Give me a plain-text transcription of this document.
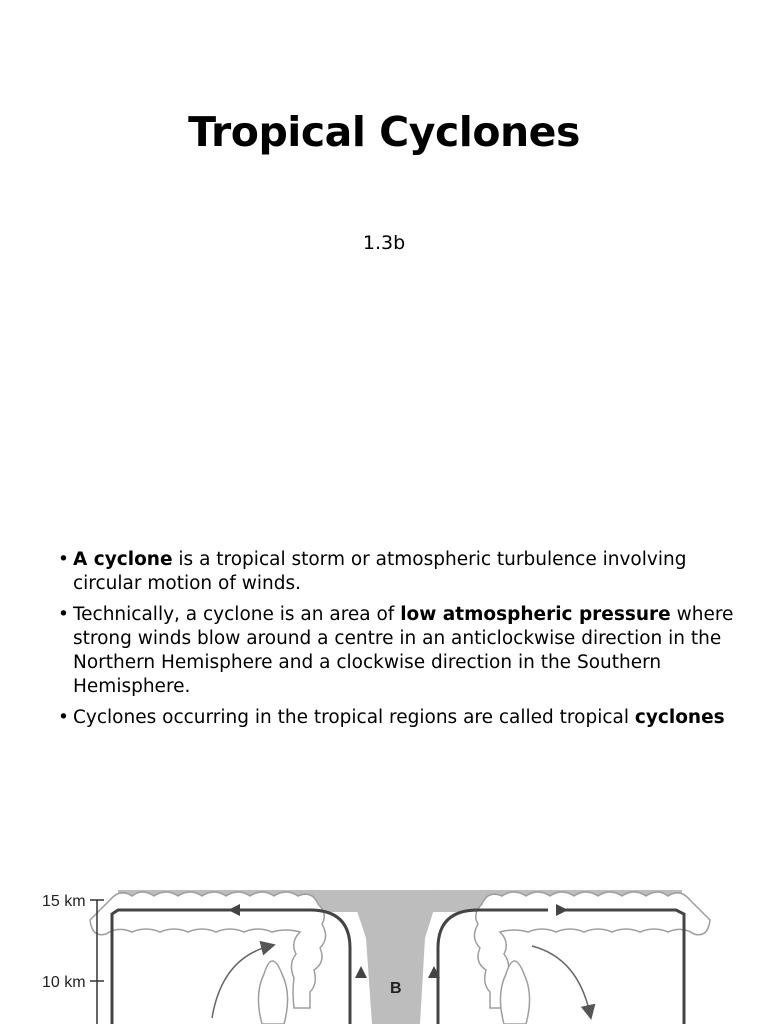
Tropical Cyclones
1.3b
• A cyclone is a tropical storm or atmospheric turbulence involving circular motion of winds.
• Technically, a cyclone is an area of low atmospheric pressure where strong winds blow around a centre in an anticlockwise direction in the Northern Hemisphere and a clockwise direction in the Southern Hemisphere.
• Cyclones occurring in the tropical regions are called tropical cyclones
15 km
10 km	B
